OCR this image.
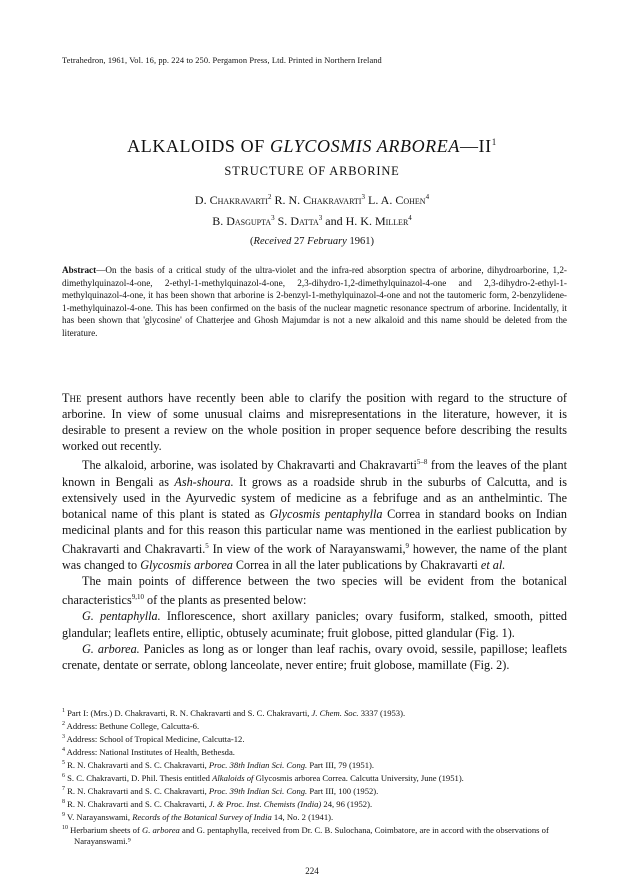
Tetrahedron, 1961, Vol. 16, pp. 224 to 250. Pergamon Press, Ltd. Printed in Northern Ireland
ALKALOIDS OF GLYCOSMIS $ARBOREA—II^1$
STRUCTURE OF ARBORINE
D. Chakravarti$^2$ R. N. Chakravarti$^3$ L. A. Cohen$^4$
B. Dasgupta$^3$ S. Datta$^3$ and H. K. Miller$^4$
(Received 27 February 1961)
Abstract—On the basis of a critical study of the ultra-violet and the infra-red absorption spectra of arborine, dihydroarborine, 1,2-dimethylquinazol-4-one, 2-ethyl-1-methylquinazol-4-one, 2,3-dihydro-1,2-dimethylquinazol-4-one and 2,3-dihydro-2-ethyl-1-methylquinazol-4-one, it has been shown that arborine is 2-benzyl-1-methylquinazol-4-one and not the tautomeric form, 2-benzylidene-1-methylquinazol-4-one. This has been confirmed on the basis of the nuclear magnetic resonance spectrum of arborine. Incidentally, it has been shown that 'glycosine' of Chatterjee and Ghosh Majumdar is not a new alkaloid and this name should be deleted from the literature.

The present authors have recently been able to clarify the position with regard to the structure of arborine. In view of some unusual claims and misrepresentations in the literature, however, it is desirable to present a review on the whole position in proper sequence before describing the results worked out recently.

The alkaloid, arborine, was isolated by Chakravarti and Chakravarti$^{5-8}$ from the leaves of the plant known in Bengali as Ash-shoura. It grows as a roadside shrub in the suburbs of Calcutta, and is extensively used in the Ayurvedic system of medicine as a febrifuge and as an anthelmintic. The botanical name of this plant is stated as Glycosmis pentaphylla Correa in standard books on Indian medicinal plants and for this reason this particular name was mentioned in the earliest publication by Chakravarti and Chakravarti.$^5$ In view of the work of Narayanswami,$^9$ however, the name of the plant was changed to Glycosmis arborea Correa in all the later publications by Chakravarti et al.

The main points of difference between the two species will be evident from the botanical characteristics$^{9,10}$ of the plants as presented below:

G. pentaphylla. Inflorescence, short axillary panicles; ovary fusiform, stalked, smooth, pitted glandular; leaflets entire, elliptic, obtusely acuminate; fruit globose, pitted glandular (Fig. 1).

G. arborea. Panicles as long as or longer than leaf rachis, ovary ovoid, sessile, papillose; leaflets crenate, dentate or serrate, oblong lanceolate, never entire; fruit globose, mamillate (Fig. 2).

$^1$ Part I: (Mrs.) D. Chakravarti, R. N. Chakravarti and S. C. Chakravarti, J. Chem. Soc. 3337 (1953).

$^2$ Address: Bethune College, Calcutta-6.

$^3$ Address: School of Tropical Medicine, Calcutta-12.

$^4$ Address: National Institutes of Health, Bethesda.

$^5$ R. N. Chakravarti and S. C. Chakravarti, Proc. 38th Indian Sci. Cong. Part III, 79 (1951).

$^6$ S. C. Chakravarti, D. Phil. Thesis entitled Alkaloids of Glycosmis arborea Correa. Calcutta University, June (1951).

$^7$ R. N. Chakravarti and S. C. Chakravarti, Proc. 39th Indian Sci. Cong. Part III, 100 (1952).

$^8$ R. N. Chakravarti and S. C. Chakravarti, J. & Proc. Inst. Chemists (India) 24, 96 (1952).

$^9$ V. Narayanswami, Records of the Botanical Survey of India 14, No. 2 (1941).

$^{10}$ Herbarium sheets of G. arborea and G. pentaphylla, received from Dr. C. B. Sulochana, Coimbatore, are in accord with the observations of Narayanswami.⁹

224
